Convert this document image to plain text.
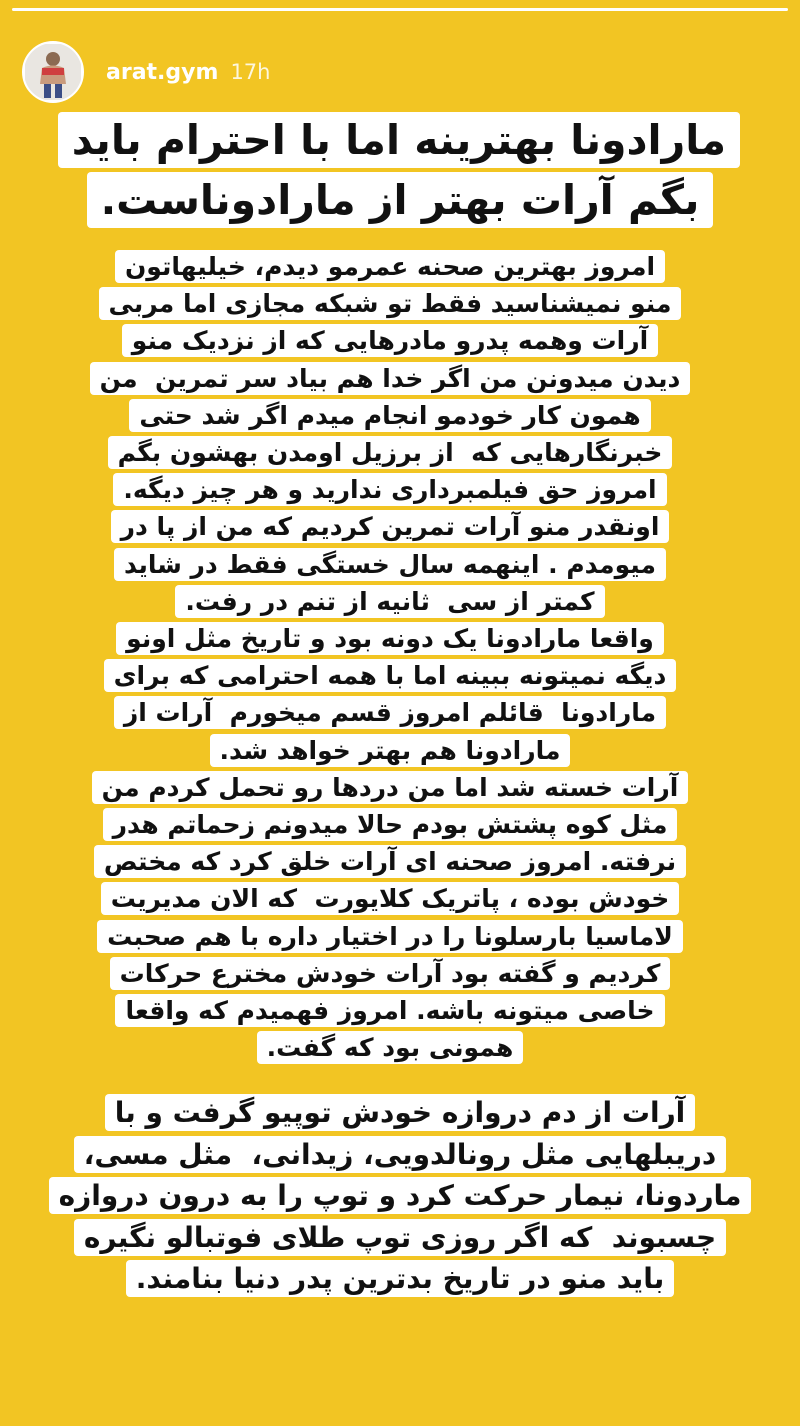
arat.gym 17h
مارادونا بهترینه اما با احترام باید
بگم آرات بهتر از مارادوناست.
امروز بهترین صحنه عمرمو دیدم، خیلیهاتون
منو نمیشناسید فقط تو شبکه مجازی اما مربی
آرات وهمه پدرو مادرهایی که از نزدیک منو
دیدن میدونن من اگر خدا هم بیاد سر تمرین  من
همون کار خودمو انجام میدم اگر شد حتی
خبرنگارهایی که  از برزیل اومدن بهشون بگم
امروز حق فیلمبرداری ندارید و هر چیز دیگه.
اونقدر منو آرات تمرین کردیم که من از پا در
میومدم . اینهمه سال خستگی فقط در شاید
کمتر از سی  ثانیه از تنم در رفت.
واقعا مارادونا یک دونه بود و تاریخ مثل اونو
دیگه نمیتونه ببینه اما با همه احترامی که برای
مارادونا  قائلم امروز قسم میخورم  آرات از
مارادونا هم بهتر خواهد شد.
آرات خسته شد اما من دردها رو تحمل کردم من
مثل کوه پشتش بودم حالا میدونم زحماتم هدر
نرفته. امروز صحنه ای آرات خلق کرد که مختص
خودش بوده ، پاتریک کلایورت  که الان مدیریت
لاماسیا بارسلونا را در اختیار داره با هم صحبت
کردیم و گفته بود آرات خودش مخترع حرکات
خاصی میتونه باشه. امروز فهمیدم که واقعا
همونی بود که گفت.
آرات از دم دروازه خودش توپیو گرفت و با
دریبلهایی مثل رونالدویی، زیدانی،  مثل مسی،
ماردونا، نیمار حرکت کرد و توپ را به درون دروازه
چسبوند  که اگر روزی توپ طلای فوتبالو نگیره
باید منو در تاریخ بدترین پدر دنیا بنامند.
